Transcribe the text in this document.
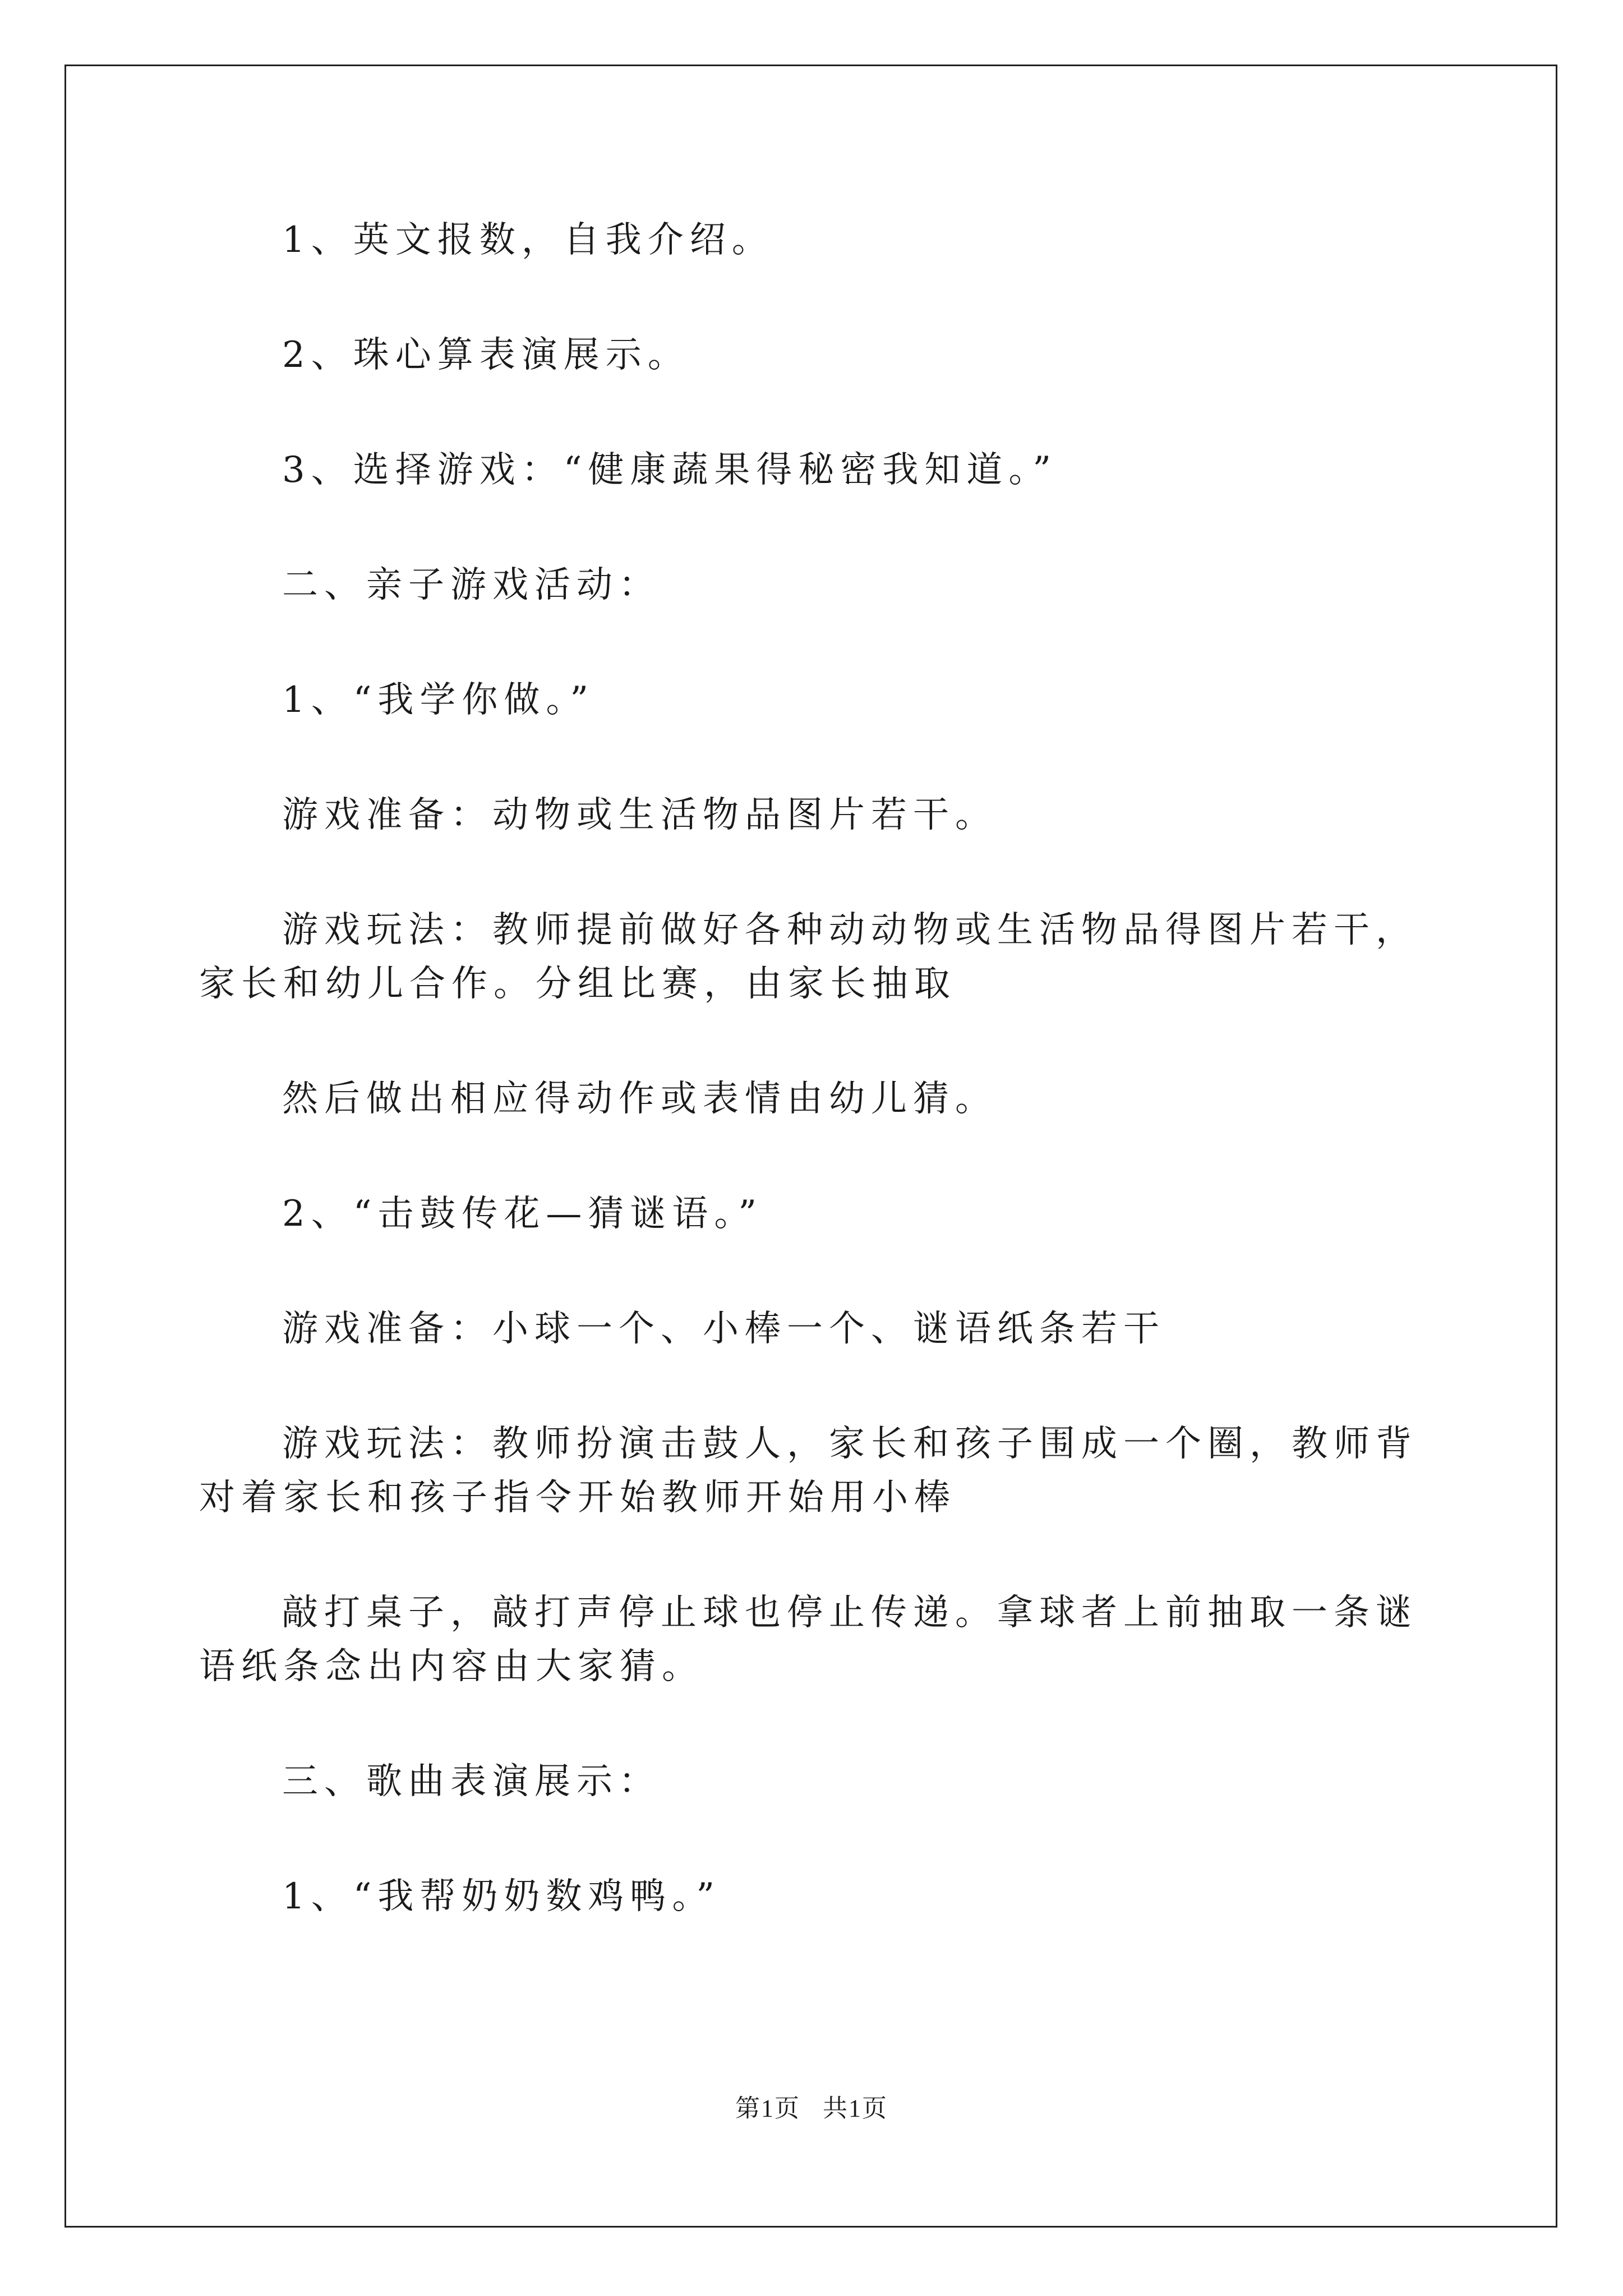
1、英文报数，自我介绍。

2、珠心算表演展示。

3、选择游戏：“健康蔬果得秘密我知道。”

二、亲子游戏活动：

1、“我学你做。”

游戏准备：动物或生活物品图片若干。

游戏玩法：教师提前做好各种动动物或生活物品得图片若干，家长和幼儿合作。分组比赛，由家长抽取

然后做出相应得动作或表情由幼儿猜。

2、“击鼓传花—猜谜语。”

游戏准备：小球一个、小棒一个、谜语纸条若干

游戏玩法：教师扮演击鼓人，家长和孩子围成一个圈，教师背对着家长和孩子指令开始教师开始用小棒

敲打桌子，敲打声停止球也停止传递。拿球者上前抽取一条谜语纸条念出内容由大家猜。

三、歌曲表演展示：

1、“我帮奶奶数鸡鸭。”

第1页 共1页
